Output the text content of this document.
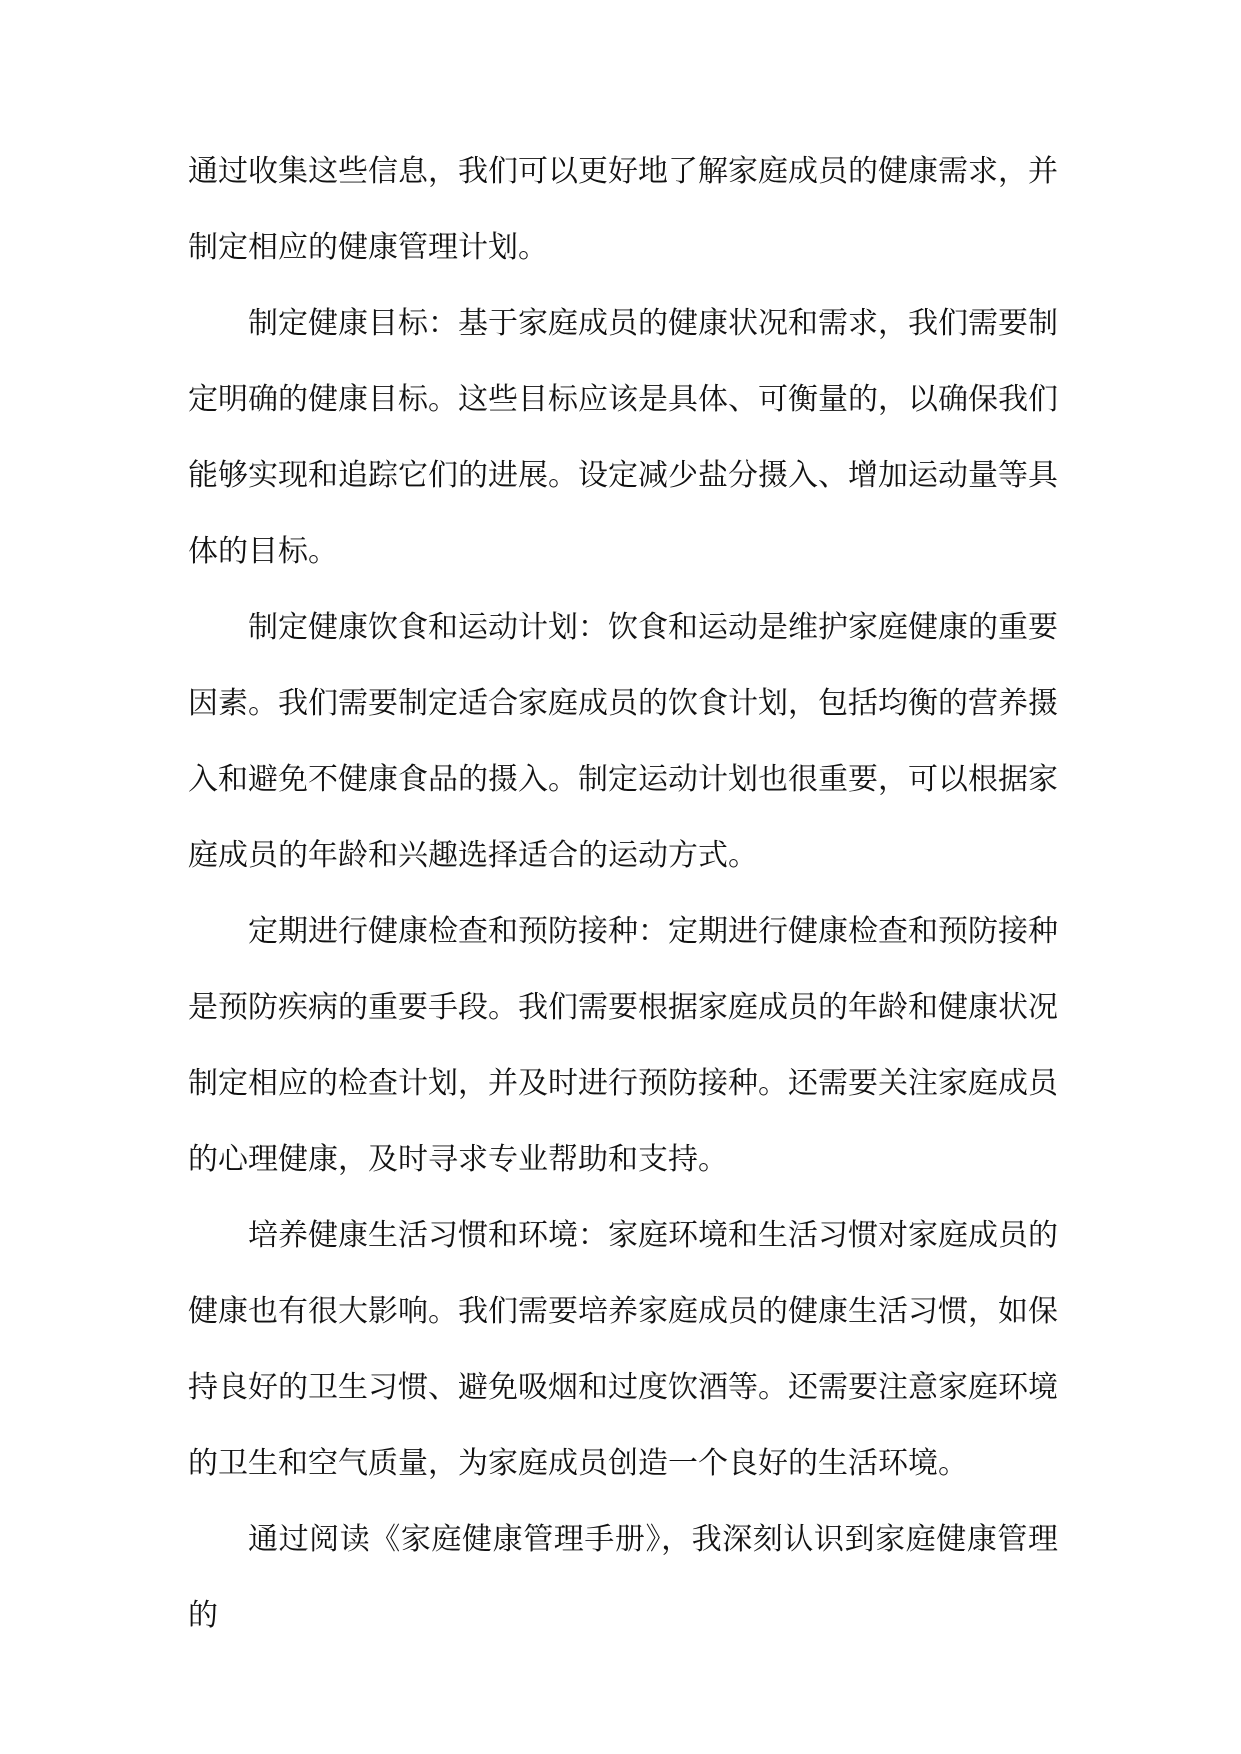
通过收集这些信息，我们可以更好地了解家庭成员的健康需求，并制定相应的健康管理计划。

制定健康目标：基于家庭成员的健康状况和需求，我们需要制定明确的健康目标。这些目标应该是具体、可衡量的，以确保我们能够实现和追踪它们的进展。设定减少盐分摄入、增加运动量等具体的目标。

制定健康饮食和运动计划：饮食和运动是维护家庭健康的重要因素。我们需要制定适合家庭成员的饮食计划，包括均衡的营养摄入和避免不健康食品的摄入。制定运动计划也很重要，可以根据家庭成员的年龄和兴趣选择适合的运动方式。

定期进行健康检查和预防接种：定期进行健康检查和预防接种是预防疾病的重要手段。我们需要根据家庭成员的年龄和健康状况制定相应的检查计划，并及时进行预防接种。还需要关注家庭成员的心理健康，及时寻求专业帮助和支持。

培养健康生活习惯和环境：家庭环境和生活习惯对家庭成员的健康也有很大影响。我们需要培养家庭成员的健康生活习惯，如保持良好的卫生习惯、避免吸烟和过度饮酒等。还需要注意家庭环境的卫生和空气质量，为家庭成员创造一个良好的生活环境。

通过阅读《家庭健康管理手册》，我深刻认识到家庭健康管理的
